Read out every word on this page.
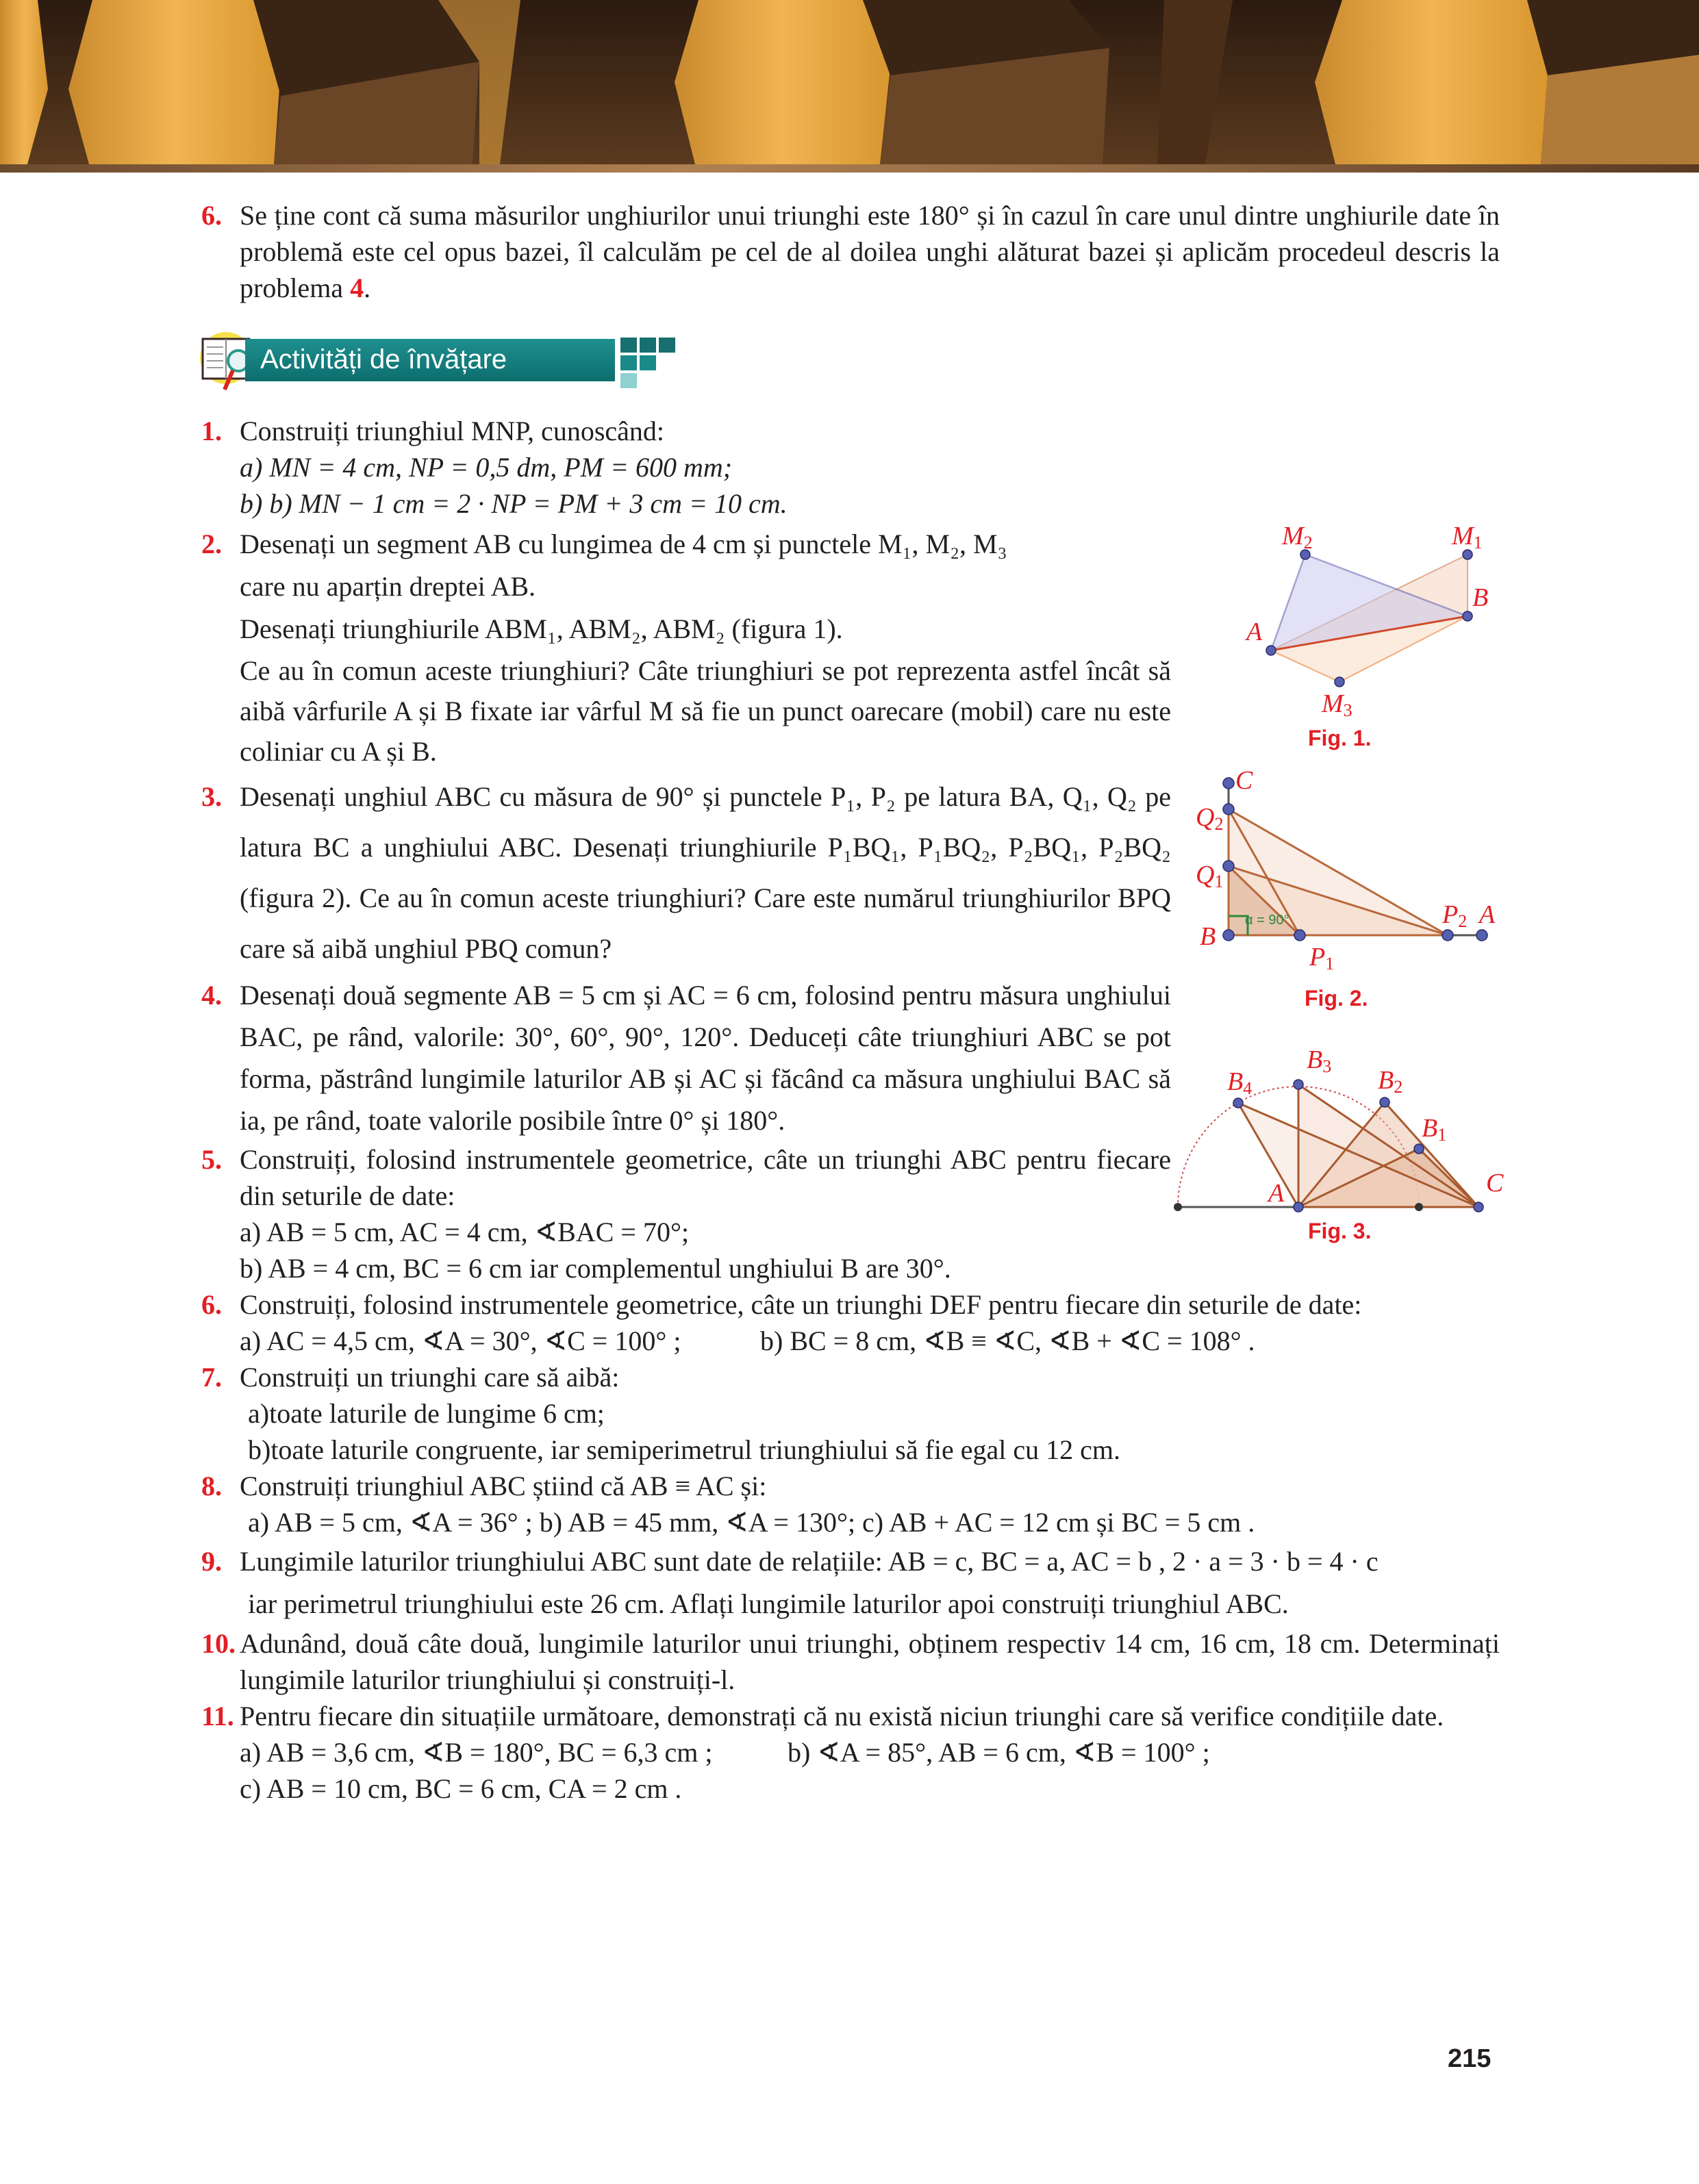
6. Se ține cont că suma măsurilor unghiurilor unui triunghi este 180° și în cazul în care unul dintre unghiurile date în problemă este cel opus bazei, îl calculăm pe cel de al doilea unghi alăturat bazei și aplicăm procedeul descris la problema 4.
Activități de învățare
1. Construiți triunghiul MNP, cunoscând:
a) MN = 4 cm, NP = 0,5 dm, PM = 600 mm;
b) b) MN − 1 cm = 2 · NP = PM + 3 cm = 10 cm.
2. Desenați un segment AB cu lungimea de 4 cm și punctele M₁, M₂, M₃
care nu aparțin dreptei AB.
Desenați triunghiurile ABM₁, ABM₂, ABM₂ (figura 1).
Ce au în comun aceste triunghiuri? Câte triunghiuri se pot reprezenta astfel încât să aibă vârfurile A și B fixate iar vârful M să fie un punct oarecare (mobil) care nu este coliniar cu A și B.
3. Desenați unghiul ABC cu măsura de 90° și punctele P₁, P₂ pe latura BA, Q₁, Q₂ pe latura BC a unghiului ABC. Desenați triunghiurile P₁BQ₁, P₁BQ₂, P₂BQ₁, P₂BQ₂ (figura 2). Ce au în comun aceste triunghiuri? Care este numărul triunghiurilor BPQ care să aibă unghiul PBQ comun?
4. Desenați două segmente AB = 5 cm și AC = 6 cm, folosind pentru măsura unghiului BAC, pe rând, valorile: 30°, 60°, 90°, 120°. Deduceți câte triunghiuri ABC se pot forma, păstrând lungimile laturilor AB și AC și făcând ca măsura unghiului BAC să ia, pe rând, toate valorile posibile între 0° și 180°.
5. Construiți, folosind instrumentele geometrice, câte un triunghi ABC pentru fiecare din seturile de date:
a) AB = 5 cm, AC = 4 cm, ∢BAC = 70°;
b) AB = 4 cm, BC = 6 cm iar complementul unghiului B are 30°.
6. Construiți, folosind instrumentele geometrice, câte un triunghi DEF pentru fiecare din seturile de date:
a) AC = 4,5 cm, ∢A = 30°, ∢C = 100° ;	b) BC = 8 cm, ∢B ≡ ∢C, ∢B + ∢C = 108° .
7. Construiți un triunghi care să aibă:
a)toate laturile de lungime 6 cm;
b)toate laturile congruente, iar semiperimetrul triunghiului să fie egal cu 12 cm.
8. Construiți triunghiul ABC știind că AB ≡ AC și:
a) AB = 5 cm, ∢A = 36° ; b) AB = 45 mm, ∢A = 130°; c) AB + AC = 12 cm și BC = 5 cm .
9. Lungimile laturilor triunghiului ABC sunt date de relațiile: AB = c, BC = a, AC = b , 2 · a = 3 · b = 4 · c
iar perimetrul triunghiului este 26 cm. Aflați lungimile laturilor apoi construiți triunghiul ABC.
10. Adunând, două câte două, lungimile laturilor unui triunghi, obținem respectiv 14 cm, 16 cm, 18 cm. Determinați lungimile laturilor triunghiului și construiți-l.
11. Pentru fiecare din situațiile următoare, demonstrați că nu există niciun triunghi care să verifice condițiile date.
a) AB = 3,6 cm, ∢B = 180°, BC = 6,3 cm ;	b) ∢A = 85°, AB = 6 cm, ∢B = 100° ;
c) AB = 10 cm, BC = 6 cm, CA = 2 cm .
A
B
M1
M2
M3
Fig. 1.
α = 90°
C
Q2
Q1
B
P1
P2 A
Fig. 2.
A	C
B1
B2
B3
B4
Fig. 3.
215
